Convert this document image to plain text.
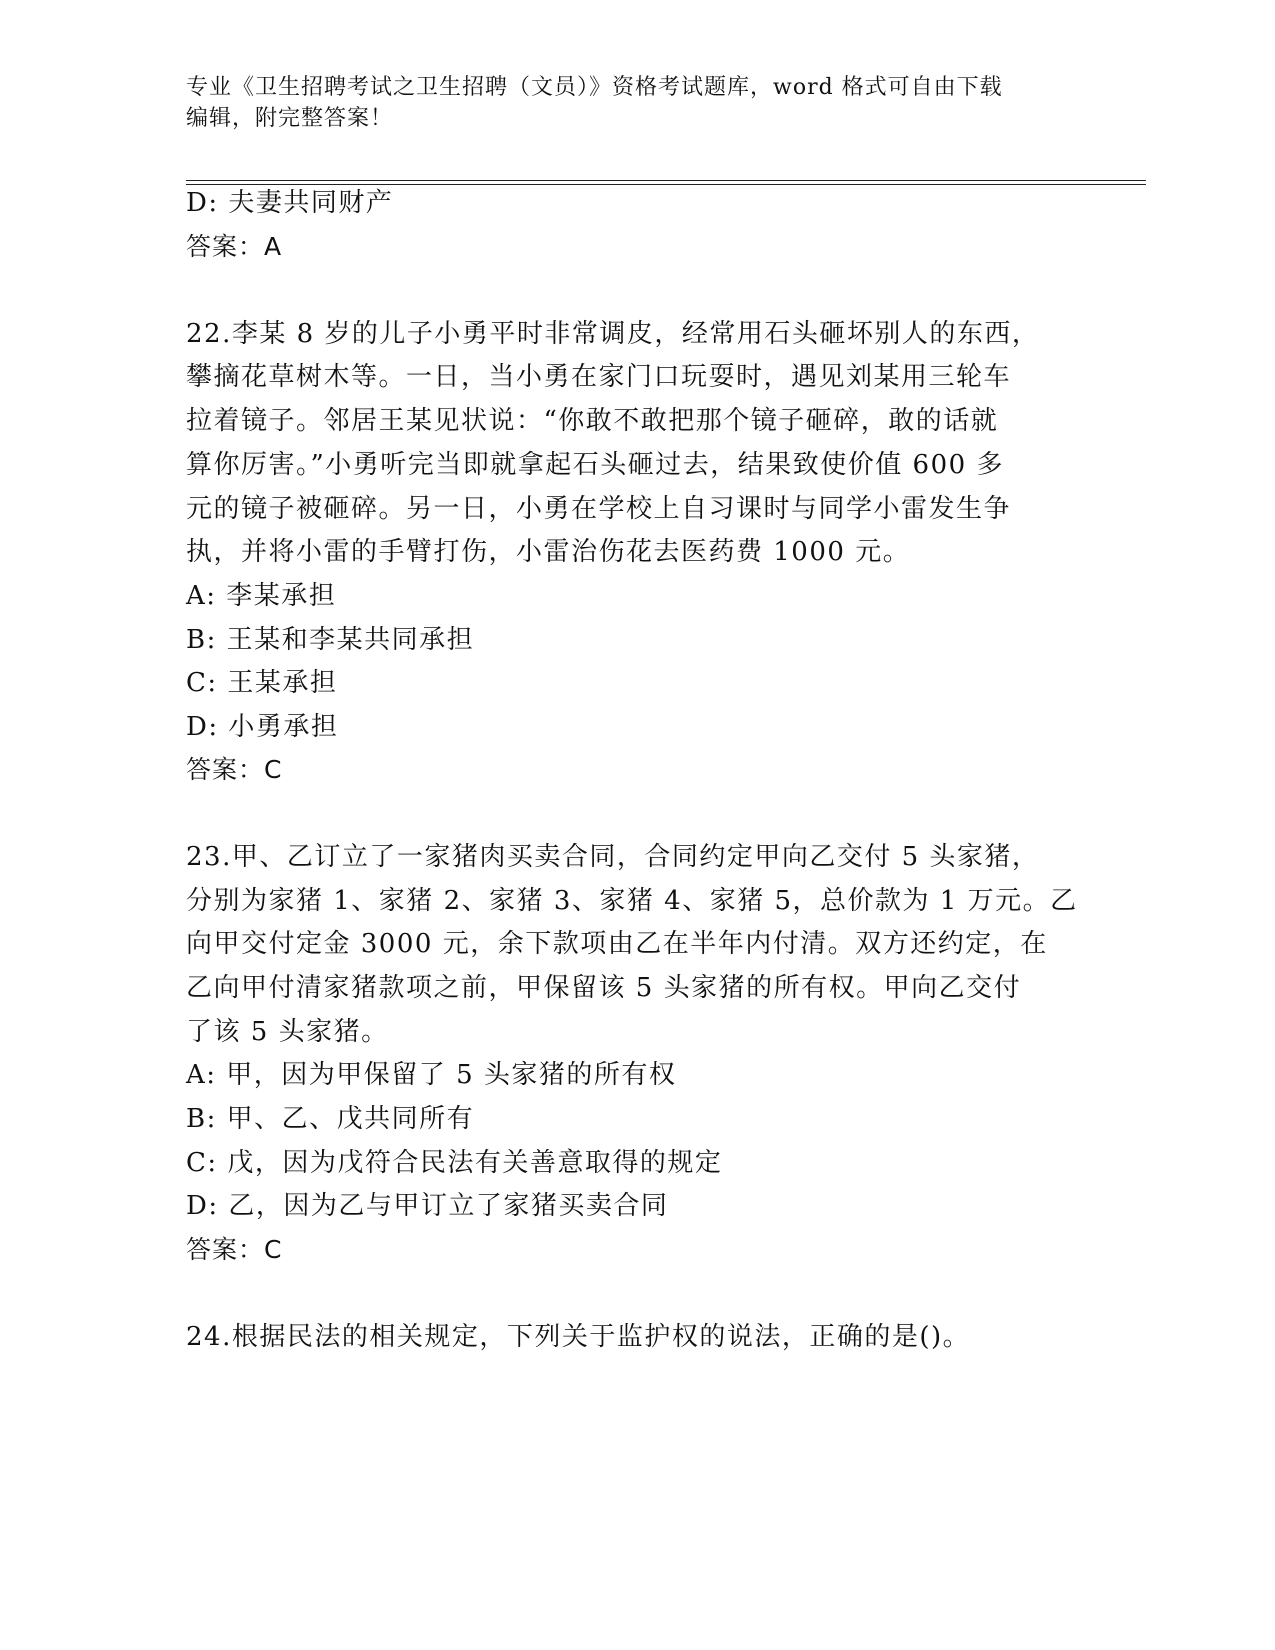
专业《卫生招聘考试之卫生招聘（文员）》资格考试题库，word 格式可自由下载
编辑，附完整答案！
D: 夫妻共同财产
答案：A
22.李某 8 岁的儿子小勇平时非常调皮，经常用石头砸坏别人的东西，
攀摘花草树木等。一日，当小勇在家门口玩耍时，遇见刘某用三轮车
拉着镜子。邻居王某见状说：“你敢不敢把那个镜子砸碎，敢的话就
算你厉害。”小勇听完当即就拿起石头砸过去，结果致使价值 600 多
元的镜子被砸碎。另一日，小勇在学校上自习课时与同学小雷发生争
执，并将小雷的手臂打伤，小雷治伤花去医药费 1000 元。
A: 李某承担
B: 王某和李某共同承担
C: 王某承担
D: 小勇承担
答案：C
23.甲、乙订立了一家猪肉买卖合同，合同约定甲向乙交付 5 头家猪，
分别为家猪 1、家猪 2、家猪 3、家猪 4、家猪 5，总价款为 1 万元。乙
向甲交付定金 3000 元，余下款项由乙在半年内付清。双方还约定，在
乙向甲付清家猪款项之前，甲保留该 5 头家猪的所有权。甲向乙交付
了该 5 头家猪。
A: 甲，因为甲保留了 5 头家猪的所有权
B: 甲、乙、戊共同所有
C: 戊，因为戊符合民法有关善意取得的规定
D: 乙，因为乙与甲订立了家猪买卖合同
答案：C
24.根据民法的相关规定，下列关于监护权的说法，正确的是()。
